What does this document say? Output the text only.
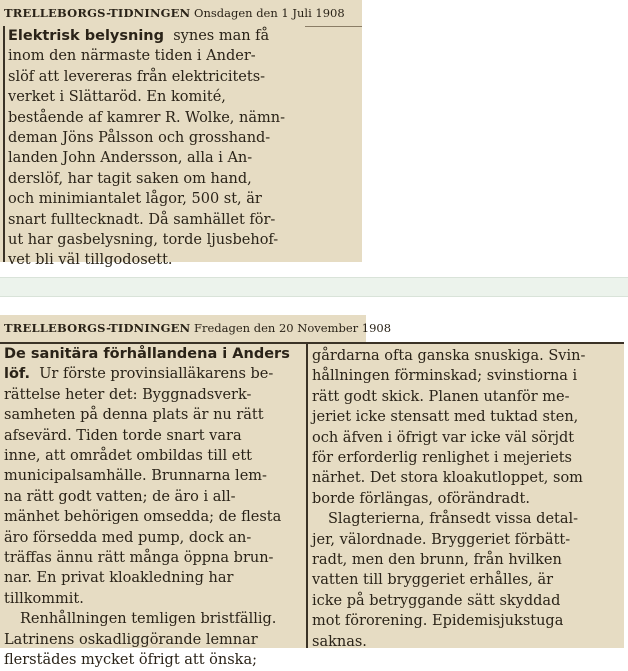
TRELLEBORGS-TIDNINGEN Onsdagen den 1 Juli 1908
Elektrisk belysning synes man få
inom den närmaste tiden i Ander-
slöf att levereras från elektricitets-
verket i Slättaröd. En komité,
bestående af kamrer R. Wolke, nämn-
deman Jöns Pålsson och grosshand-
landen John Andersson, alla i An-
derslöf, har tagit saken om hand,
och minimiantalet lågor, 500 st, är
snart fulltecknadt. Då samhället för-
ut har gasbelysning, torde ljusbehof-
vet bli väl tillgodosett.
TRELLEBORGS-TIDNINGEN Fredagen den 20 November 1908
De sanitära förhållandena i Anders
löf. Ur förste provinsialläkarens be-
rättelse heter det: Byggnadsverk-
samheten på denna plats är nu rätt
afsevärd. Tiden torde snart vara
inne, att området ombildas till ett
municipalsamhälle. Brunnarna lem-
na rätt godt vatten; de äro i all-
mänhet behörigen omsedda; de flesta
äro försedda med pump, dock an-
träffas ännu rätt många öppna brun-
nar. En privat kloakledning har
tillkommit.
Renhållningen temligen bristfällig.
Latrinens oskadliggörande lemnar
flerstädes mycket öfrigt att önska;
gårdarna ofta ganska snuskiga. Svin-
hållningen förminskad; svinstiorna i
rätt godt skick. Planen utanför me-
jeriet icke stensatt med tuktad sten,
och äfven i öfrigt var icke väl sörjdt
för erforderlig renlighet i mejeriets
närhet. Det stora kloakutloppet, som
borde förlängas, oförändradt.
Slagterierna, frånsedt vissa detal-
jer, välordnade. Bryggeriet förbätt-
radt, men den brunn, från hvilken
vatten till bryggeriet erhålles, är
icke på betryggande sätt skyddad
mot förorening. Epidemisjukstuga
saknas.
